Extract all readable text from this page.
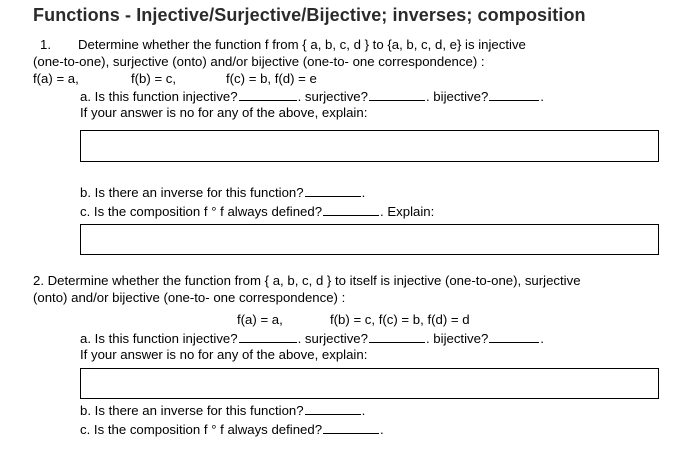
Functions - Injective/Surjective/Bijective; inverses; composition
1. Determine whether the function f from { a, b, c, d } to {a, b, c, d, e} is injective
(one-to-one), surjective (onto) and/or bijective (one-to- one correspondence) :
f(a) = a,	f(b) = c,	f(c) = b, f(d) = e
a. Is this function injective?	. surjective?	. bijective?	.
If your answer is no for any of the above, explain:
b. Is there an inverse for this function?	.
c. Is the composition f ° f always defined?	. Explain:
2. Determine whether the function from { a, b, c, d } to itself is injective (one-to-one), surjective
(onto) and/or bijective (one-to- one correspondence) :
f(a) = a,	f(b) = c, f(c) = b, f(d) = d
a. Is this function injective?	. surjective?	. bijective?	.
If your answer is no for any of the above, explain:
b. Is there an inverse for this function?	.
c. Is the composition f ° f always defined?	.
